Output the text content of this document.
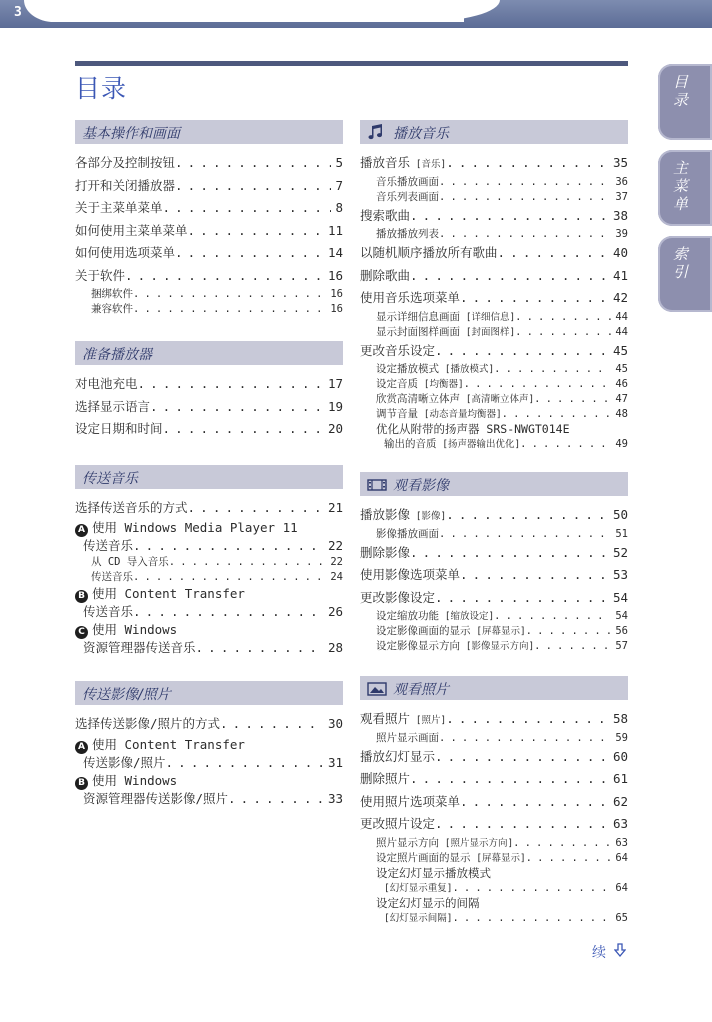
3
目录	目录
主菜单
索引
基本操作和画面
各部分及控制按钮 . . .	5
打开和关闭播放器 . . .	7
关于主菜单菜单 . . .	8
如何使用主菜单菜单 . . .	11
如何使用选项菜单 . . .	14
关于软件 . . .	16
捆绑软件 . . .	16
兼容软件 . . .	16
准备播放器
对电池充电 . . .	17
选择显示语言 . . .	19
设定日期和时间 . . .	20
传送音乐
选择传送音乐的方式 . . .	21
A 使用 Windows Media Player 11
传送音乐 . . .	22
从 CD 导入音乐 . . .	22
传送音乐 . . .	24
B 使用 Content Transfer
传送音乐 . . .	26
C 使用 Windows
资源管理器传送音乐 . . .	28
传送影像/照片
选择传送影像/照片的方式 . . .	30
A 使用 Content Transfer
传送影像/照片 . . .	31
B 使用 Windows
资源管理器传送影像/照片 . . .	33
播放音乐
播放音乐 [音乐] . . .	35
音乐播放画面 . . .	36
音乐列表画面 . . .	37
搜索歌曲 . . .	38
播放播放列表 . . .	39
以随机顺序播放所有歌曲 . . .	40
删除歌曲 . . .	41
使用音乐选项菜单 . . .	42
显示详细信息画面 [详细信息] . . .	44
显示封面图样画面 [封面图样] . . .	44
更改音乐设定 . . .	45
设定播放模式 [播放模式] . . .	45
设定音质 [均衡器] . . .	46
欣赏高清晰立体声 [高清晰立体声] . . .	47
调节音量 [动态音量均衡器] . . .	48
优化从附带的扬声器 SRS-NWGT014E
输出的音质 [扬声器输出优化] . . .	49
观看影像
播放影像 [影像] . . .	50
影像播放画面 . . .	51
删除影像 . . .	52
使用影像选项菜单 . . .	53
更改影像设定 . . .	54
设定缩放功能 [缩放设定] . . .	54
设定影像画面的显示 [屏幕显示] . . .	56
设定影像显示方向 [影像显示方向] . . .	57
观看照片
观看照片 [照片] . . .	58
照片显示画面 . . .	59
播放幻灯显示 . . .	60
删除照片 . . .	61
使用照片选项菜单 . . .	62
更改照片设定 . . .	63
照片显示方向 [照片显示方向] . . .	63
设定照片画面的显示 [屏幕显示] . . .	64
设定幻灯显示播放模式
[幻灯显示重复] . . .	64
设定幻灯显示的间隔
[幻灯显示间隔] . . .	65
续
